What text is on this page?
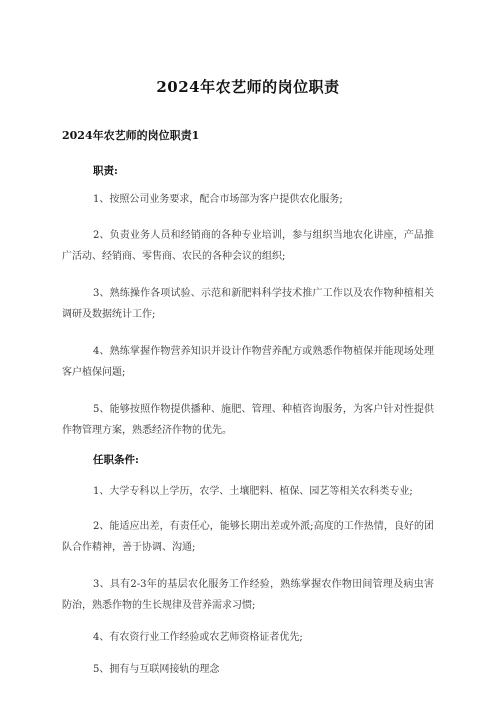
2024年农艺师的岗位职责
2024年农艺师的岗位职责1
职责:

1、按照公司业务要求，配合市场部为客户提供农化服务;

2、负责业务人员和经销商的各种专业培训，参与组织当地农化讲座，产品推广活动、经销商、零售商、农民的各种会议的组织;

3、熟练操作各项试验、示范和新肥料科学技术推广工作以及农作物种植相关调研及数据统计工作;

4、熟练掌握作物营养知识并设计作物营养配方或熟悉作物植保并能现场处理客户植保问题;

5、能够按照作物提供播种、施肥、管理、种植咨询服务，为客户针对性提供作物管理方案，熟悉经济作物的优先。

任职条件:

1、大学专科以上学历，农学、土壤肥料、植保、园艺等相关农科类专业;

2、能适应出差，有责任心，能够长期出差或外派;高度的工作热情，良好的团队合作精神，善于协调、沟通;

3、具有2-3年的基层农化服务工作经验，熟练掌握农作物田间管理及病虫害防治，熟悉作物的生长规律及营养需求习惯;

4、有农资行业工作经验或农艺师资格证者优先;

5、拥有与互联网接轨的理念
